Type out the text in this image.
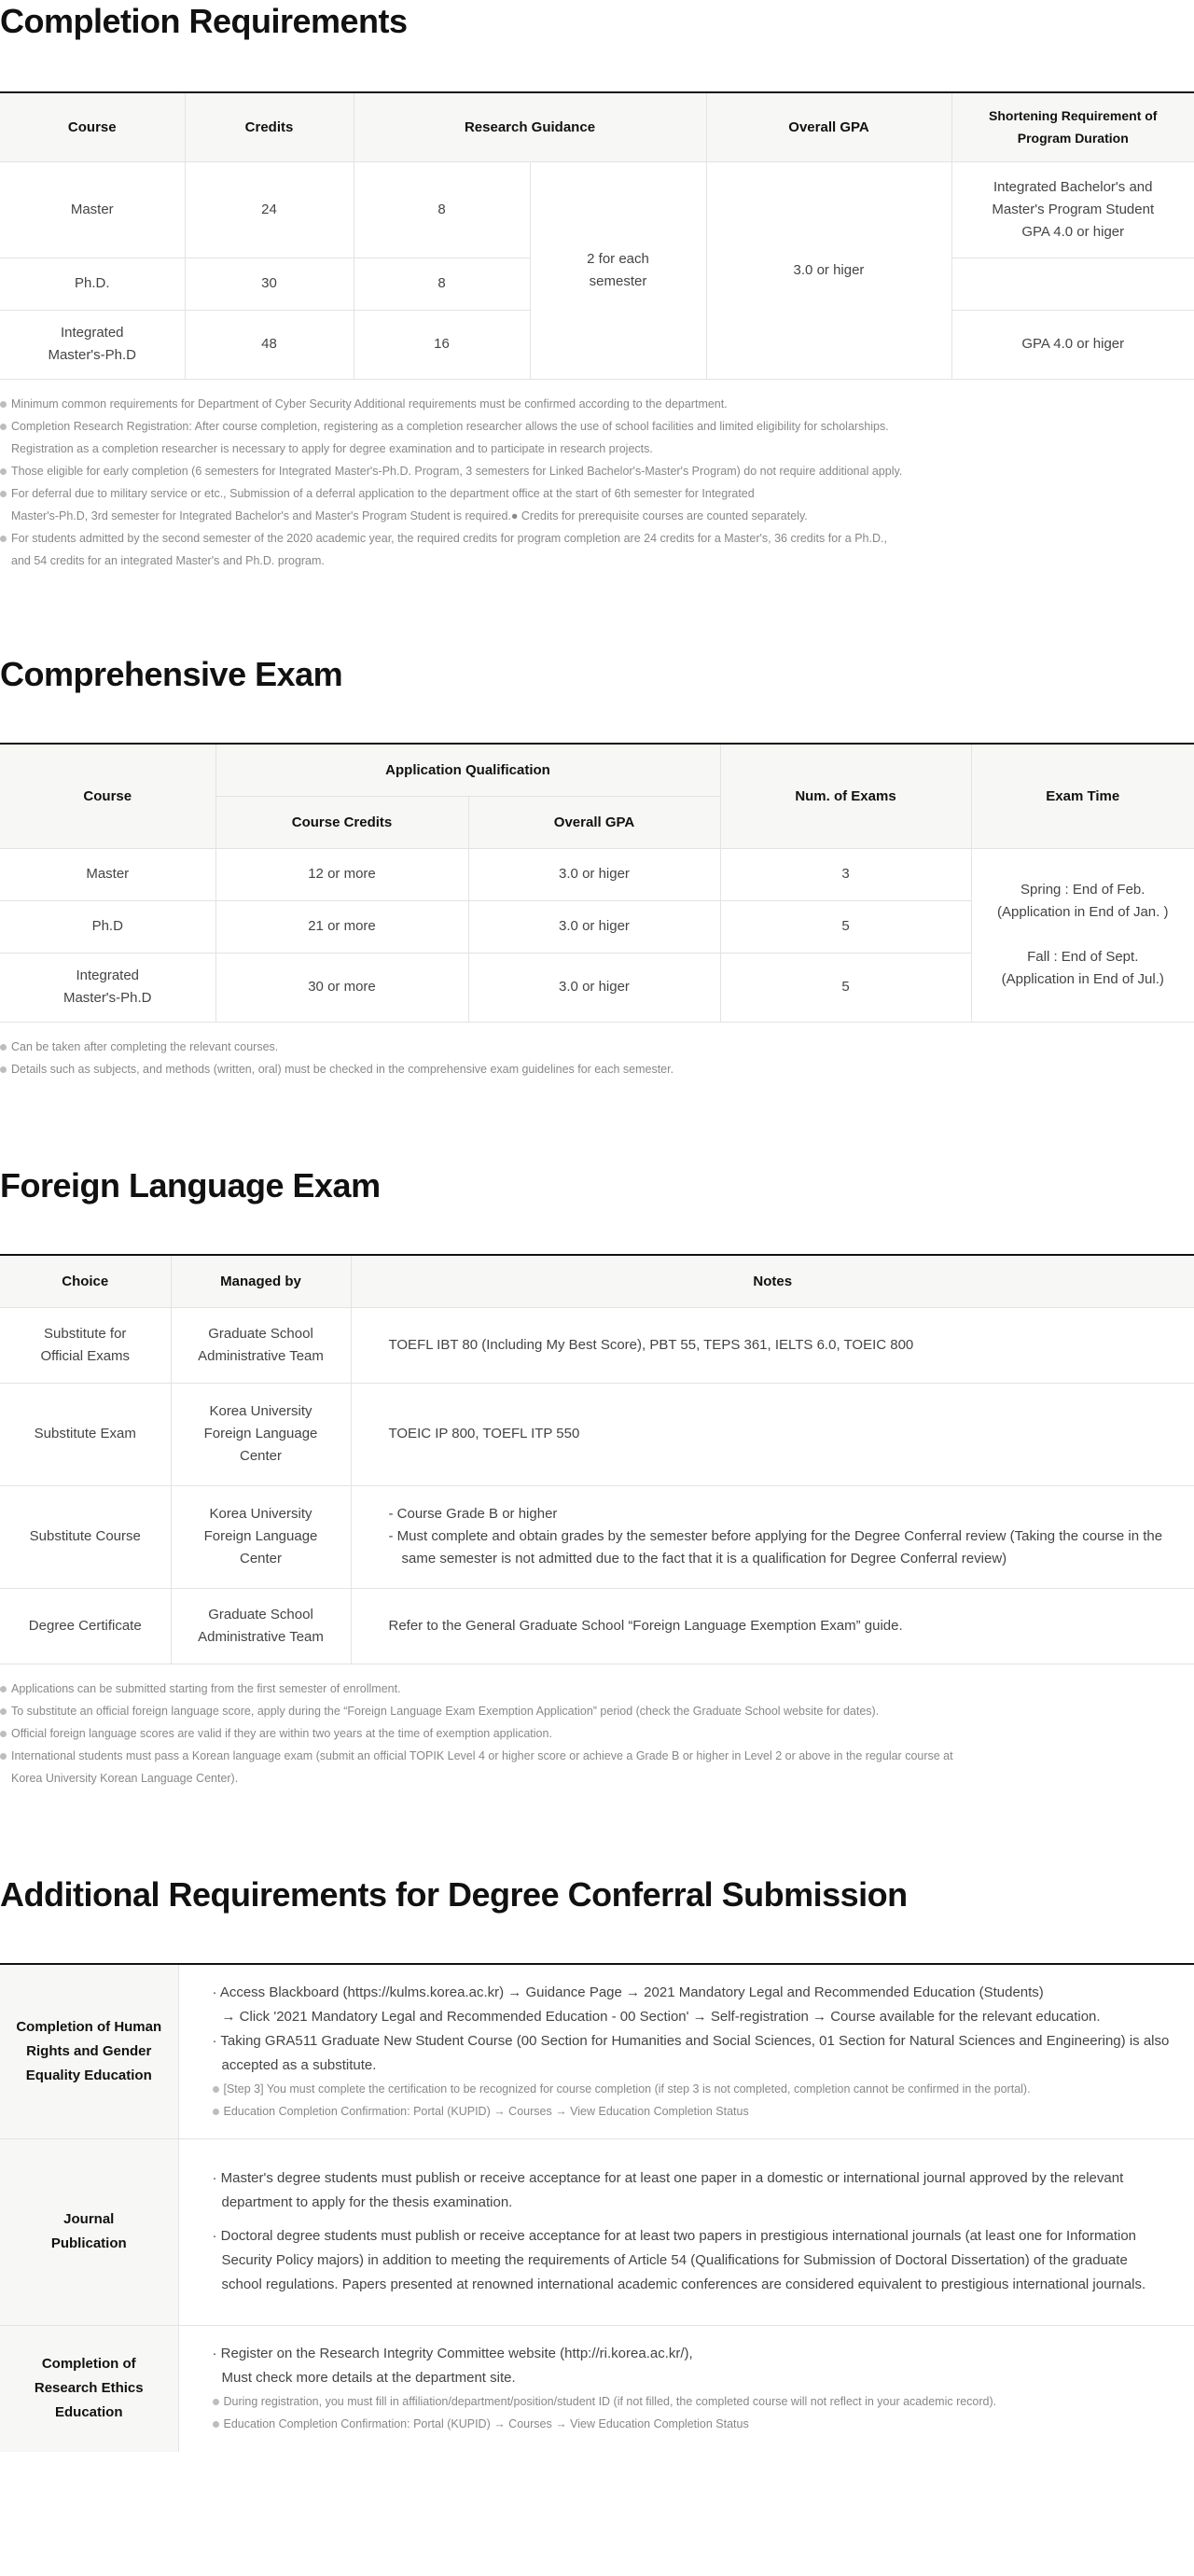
Completion Requirements
Course	Credits	Research Guidance		Overall GPA	Shortening Requirement of Program Duration
Master	24	8	2 for each semester	3.0 or higer	Integrated Bachelor's and Master's Program Student GPA 4.0 or higer
Ph.D.	30	8			
Integrated Master's-Ph.D	48	16			GPA 4.0 or higer
Minimum common requirements for Department of Cyber Security Additional requirements must be confirmed according to the department.
Completion Research Registration: After course completion, registering as a completion researcher allows the use of school facilities and limited eligibility for scholarships.
Registration as a completion researcher is necessary to apply for degree examination and to participate in research projects.
Those eligible for early completion (6 semesters for Integrated Master's-Ph.D. Program, 3 semesters for Linked Bachelor's-Master's Program) do not require additional apply.
For deferral due to military service or etc., Submission of a deferral application to the department office at the start of 6th semester for Integrated
Master's-Ph.D, 3rd semester for Integrated Bachelor's and Master's Program Student is required.● Credits for prerequisite courses are counted separately.
For students admitted by the second semester of the 2020 academic year, the required credits for program completion are 24 credits for a Master's, 36 credits for a Ph.D.,
and 54 credits for an integrated Master's and Ph.D. program.
Comprehensive Exam
Course	Application Qualification		Num. of Exams	Exam Time
	Course Credits	Overall GPA		
Master	12 or more	3.0 or higer	3	Spring : End of Feb.
(Application in End of Jan. )
Fall : End of Sept.
(Application in End of Jul.)

Ph.D	21 or more	3.0 or higer	5	
Integrated Master's-Ph.D	30 or more	3.0 or higer	5	
Can be taken after completing the relevant courses.
Details such as subjects, and methods (written, oral) must be checked in the comprehensive exam guidelines for each semester.
Foreign Language Exam
Choice	Managed by	Notes
Substitute for Official Exams	Graduate School Administrative Team	TOEFL IBT 80 (Including My Best Score), PBT 55, TEPS 361, IELTS 6.0, TOEIC 800
Substitute Exam	Korea University Foreign Language Center	TOEIC IP 800, TOEFL ITP 550
Substitute Course	Korea University Foreign Language Center	- Course Grade B or higher
- Must complete and obtain grades by the semester before applying for the Degree Conferral review (Taking the course in the same semester is not admitted due to the fact that it is a qualification for Degree Conferral review)

Degree Certificate	Graduate School Administrative Team	Refer to the General Graduate School “Foreign Language Exemption Exam” guide.
Applications can be submitted starting from the first semester of enrollment.
To substitute an official foreign language score, apply during the “Foreign Language Exam Exemption Application” period (check the Graduate School website for dates).
Official foreign language scores are valid if they are within two years at the time of exemption application.
International students must pass a Korean language exam (submit an official TOPIK Level 4 or higher score or achieve a Grade B or higher in Level 2 or above in the regular course at
Korea University Korean Language Center).
Additional Requirements for Degree Conferral Submission
Completion of Human Rights and Gender Equality Education	· Access Blackboard (https://kulms.korea.ac.kr) → Guidance Page → 2021 Mandatory Legal and Recommended Education (Students)
→ Click '2021 Mandatory Legal and Recommended Education - 00 Section' → Self-registration → Course available for the relevant education.
· Taking GRA511 Graduate New Student Course (00 Section for Humanities and Social Sciences, 01 Section for Natural Sciences and Engineering) is also accepted as a substitute.
[Step 3] You must complete the certification to be recognized for course completion (if step 3 is not completed, completion cannot be confirmed in the portal).
Education Completion Confirmation: Portal (KUPID) → Courses → View Education Completion Status

Journal Publication	· Master's degree students must publish or receive acceptance for at least one paper in a domestic or international journal approved by the relevant department to apply for the thesis examination.
· Doctoral degree students must publish or receive acceptance for at least two papers in prestigious international journals (at least one for Information Security Policy majors) in addition to meeting the requirements of Article 54 (Qualifications for Submission of Doctoral Dissertation) of the graduate school regulations. Papers presented at renowned international academic conferences are considered equivalent to prestigious international journals.

Completion of Research Ethics Education	· Register on the Research Integrity Committee website (http://ri.korea.ac.kr/),
Must check more details at the department site.
During registration, you must fill in affiliation/department/position/student ID (if not filled, the completed course will not reflect in your academic record).
Education Completion Confirmation: Portal (KUPID) → Courses → View Education Completion Status
